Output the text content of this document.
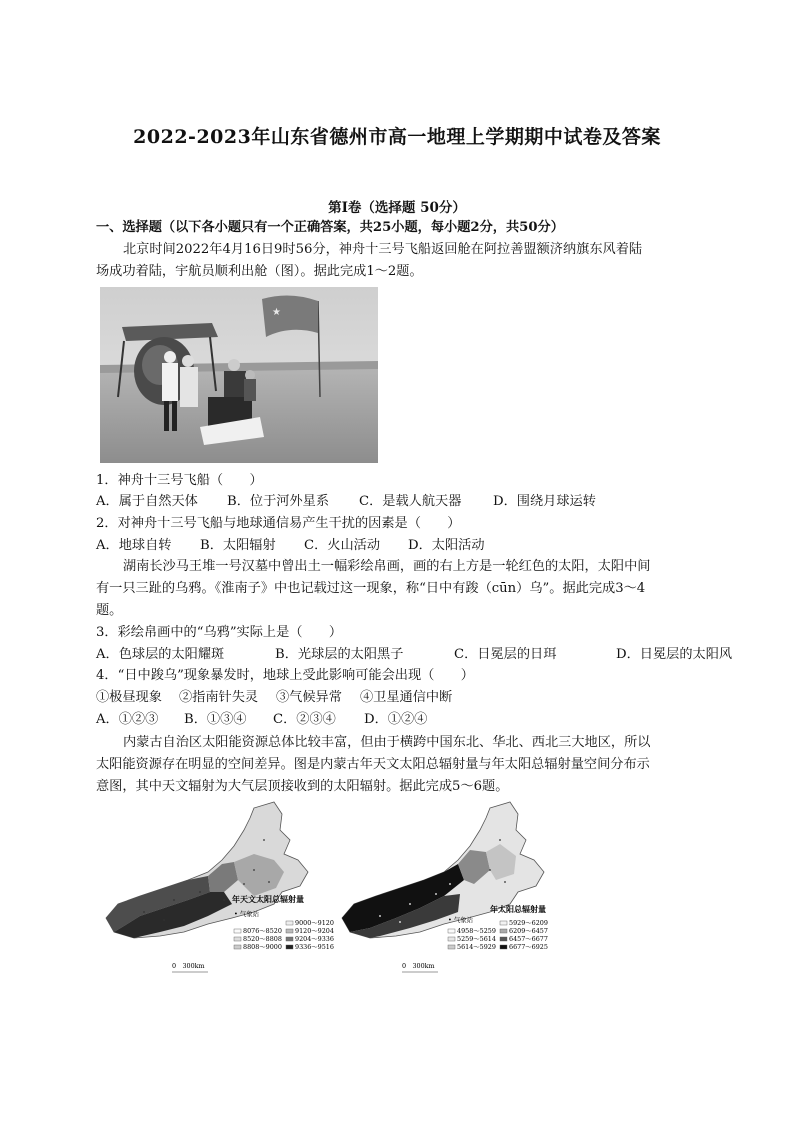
2022-2023年山东省德州市高一地理上学期期中试卷及答案
第Ⅰ卷（选择题 50分）
一、选择题（以下各小题只有一个正确答案，共25小题，每小题2分，共50分）
北京时间2022年4月16日9时56分，神舟十三号飞船返回舱在阿拉善盟额济纳旗东风着陆
场成功着陆，宇航员顺利出舱（图）。据此完成1～2题。
★
1．神舟十三号飞船（　　）
A．属于自然天体 B．位于河外星系 C．是载人航天器 D．围绕月球运转
2．对神舟十三号飞船与地球通信易产生干扰的因素是（　　）
A．地球自转 B．太阳辐射 C．火山活动 D．太阳活动
湖南长沙马王堆一号汉墓中曾出土一幅彩绘帛画，画的右上方是一轮红色的太阳，太阳中间
有一只三趾的乌鸦。《淮南子》中也记载过这一现象，称“日中有踆（cūn）乌”。据此完成3～4
题。
3．彩绘帛画中的“乌鸦”实际上是（　　）
A．色球层的太阳耀斑	B．光球层的太阳黑子	C．日冕层的日珥	D．日冕层的太阳风
4．“日中踆乌”现象暴发时，地球上受此影响可能会出现（　　）
①极昼现象 ②指南针失灵 ③气候异常 ④卫星通信中断
A．①②③ B．①③④ C．②③④ D．①②④
内蒙古自治区太阳能资源总体比较丰富，但由于横跨中国东北、华北、西北三大地区，所以
太阳能资源存在明显的空间差异。图是内蒙古年天文太阳总辐射量与年太阳总辐射量空间分布示
意图，其中天文辐射为大气层顶接收到的太阳辐射。据此完成5～6题。
年天文太阳总辐射量
• 气象站
9000～9120
8076～8520 9120～9204
8520～8808 9204～9336
8808～9000 9336～9516
0　300km
年太阳总辐射量
• 气象站	5929～6209
4958～5259 6209～6457
5259～5614 6457～6677
5614～5929 6677～6925
0　300km
